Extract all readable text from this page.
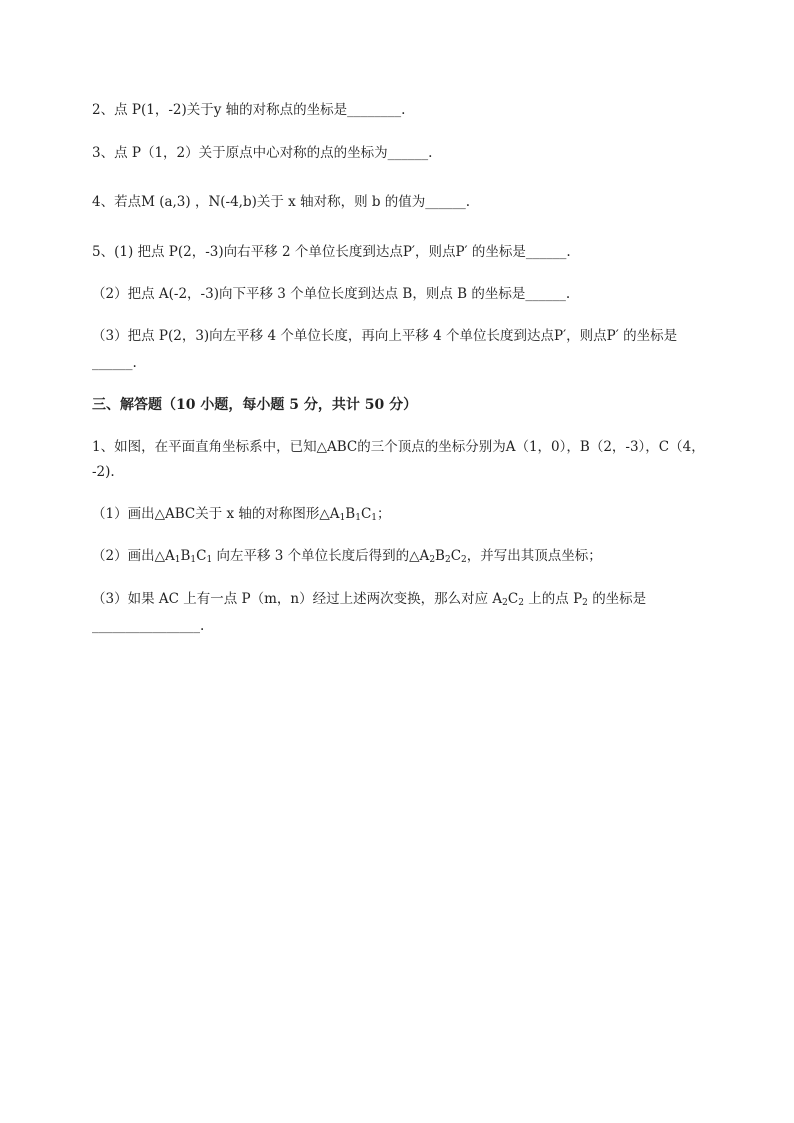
2、点 P(1，-2)关于y 轴的对称点的坐标是________.
3、点 P（1，2）关于原点中心对称的点的坐标为______.
4、若点M (a,3) ，N(-4,b)关于 x 轴对称，则 b 的值为______.
5、(1) 把点 P(2，-3)向右平移 2 个单位长度到达点P′，则点P′ 的坐标是______.
（2）把点 A(-2，-3)向下平移 3 个单位长度到达点 B，则点 B 的坐标是______.
（3）把点 P(2，3)向左平移 4 个单位长度，再向上平移 4 个单位长度到达点P′，则点P′ 的坐标是
______.
三、解答题（10 小题，每小题 5 分，共计 50 分）
1、如图，在平面直角坐标系中，已知△ABC的三个顶点的坐标分别为A（1，0），B（2，-3），C（4，
-2).
（1）画出△ABC关于 x 轴的对称图形$\triangle A_1B_1C_1$；
（2）画出$\triangle A_1B_1C_1$ 向左平移 3 个单位长度后得到的$\triangle A_2B_2C_2$，并写出其顶点坐标；
（3）如果 AC 上有一点 P（m，n）经过上述两次变换，那么对应 $A_2C_2$ 上的点 $P_2$ 的坐标是
________________.
